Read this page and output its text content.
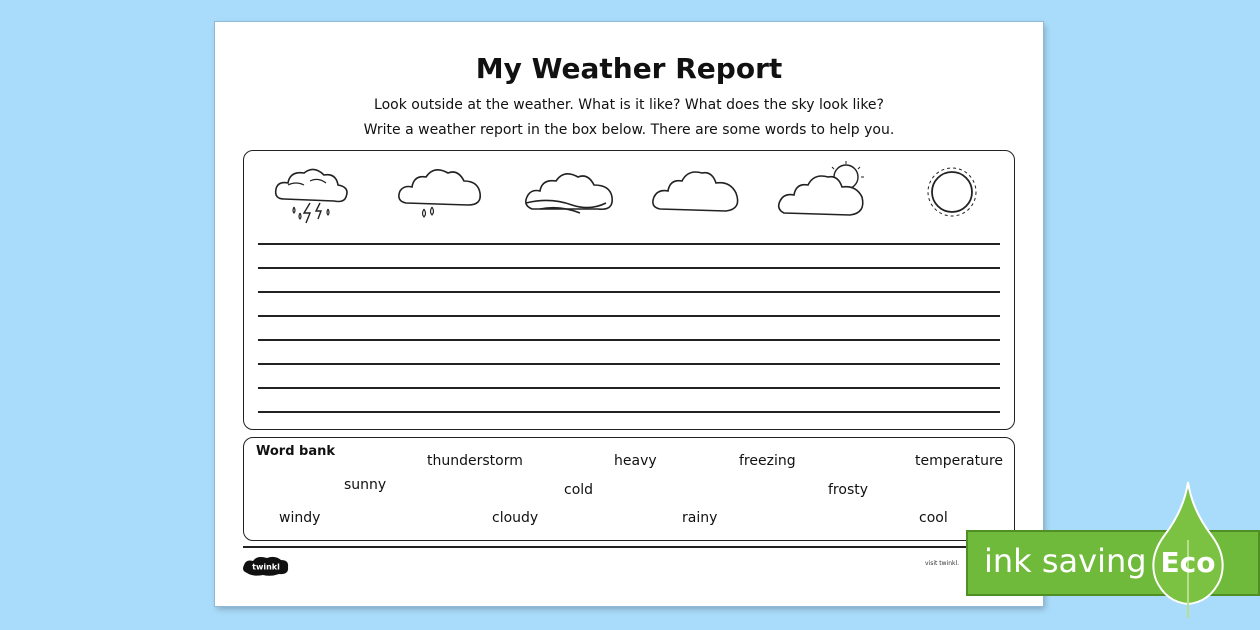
My Weather Report
Look outside at the weather. What is it like? What does the sky look like?
Write a weather report in the box below. There are some words to help you.
Word bank
thunderstorm	heavy	freezing	temperature
sunny	cold	frosty
windy	cloudy	rainy	cool
twinkl	visit twinkl. ink saving Eco
